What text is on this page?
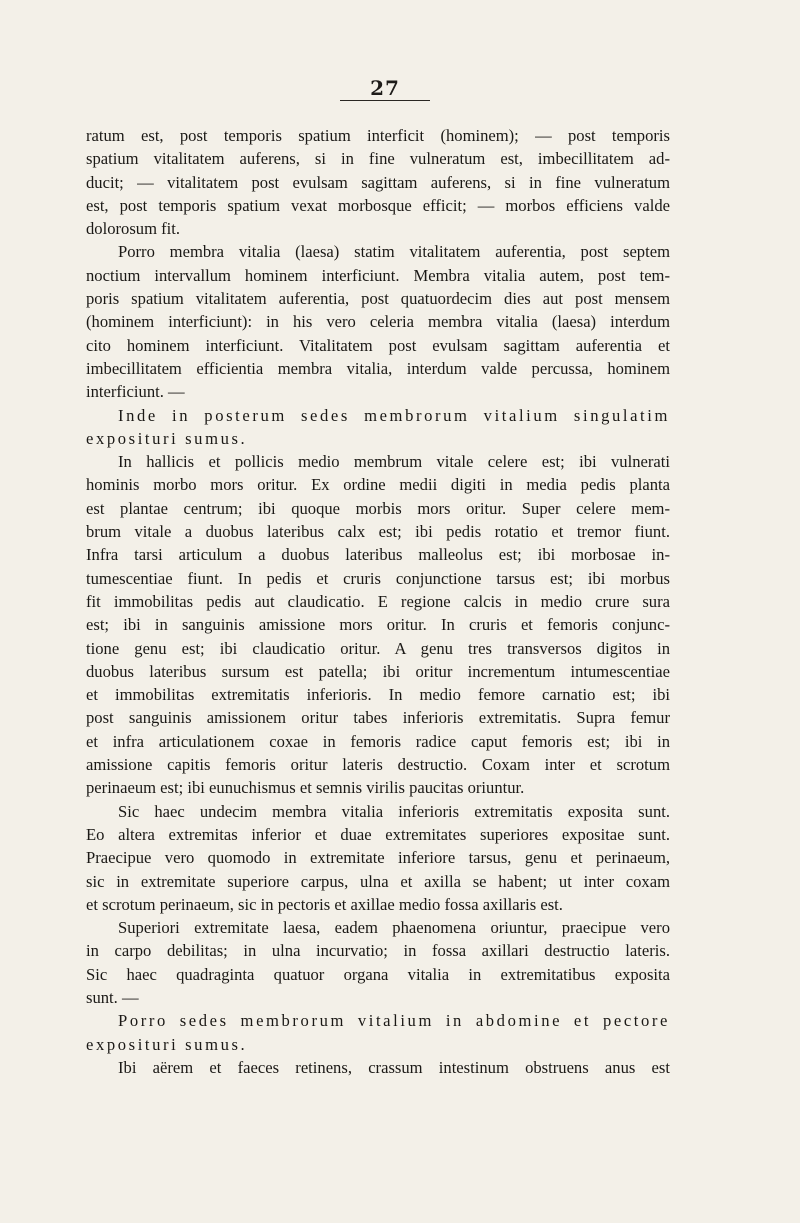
27
ratum est, post temporis spatium interficit (hominem); — post temporis
spatium vitalitatem auferens, si in fine vulneratum est, imbecillitatem ad-
ducit; — vitalitatem post evulsam sagittam auferens, si in fine vulneratum
est, post temporis spatium vexat morbosque efficit; — morbos efficiens valde
dolorosum fit.
Porro membra vitalia (laesa) statim vitalitatem auferentia, post septem
noctium intervallum hominem interficiunt. Membra vitalia autem, post tem-
poris spatium vitalitatem auferentia, post quatuordecim dies aut post mensem
(hominem interficiunt): in his vero celeria membra vitalia (laesa) interdum
cito hominem interficiunt. Vitalitatem post evulsam sagittam auferentia et
imbecillitatem efficientia membra vitalia, interdum valde percussa, hominem
interficiunt. —
Inde in posterum sedes membrorum vitalium singulatim
expositurі sumus.
In hallicis et pollicis medio membrum vitale celere est; ibi vulnerati
hominis morbo mors oritur. Ex ordine medii digiti in media pedis planta
est plantae centrum; ibi quoque morbis mors oritur. Super celere mem-
brum vitale a duobus lateribus calx est; ibi pedis rotatio et tremor fiunt.
Infra tarsi articulum a duobus lateribus malleolus est; ibi morbosae in-
tumescentiae fiunt. In pedis et cruris conjunctione tarsus est; ibi morbus
fit immobilitas pedis aut claudicatio. E regione calcis in medio crure sura
est; ibi in sanguinis amissione mors oritur. In cruris et femoris conjunc-
tione genu est; ibi claudicatio oritur. A genu tres transversos digitos in
duobus lateribus sursum est patella; ibi oritur incrementum intumescentiae
et immobilitas extremitatis inferioris. In medio femore carnatio est; ibi
post sanguinis amissionem oritur tabes inferioris extremitatis. Supra femur
et infra articulationem coxae in femoris radice caput femoris est; ibi in
amissione capitis femoris oritur lateris destructio. Coxam inter et scrotum
perinaeum est; ibi eunuchismus et semnis virilis paucitas oriuntur.
Sic haec undecim membra vitalia inferioris extremitatis exposita sunt.
Eo altera extremitas inferior et duae extremitates superiores expositae sunt.
Praecipue vero quomodo in extremitate inferiore tarsus, genu et perinaeum,
sic in extremitate superiore carpus, ulna et axilla se habent; ut inter coxam
et scrotum perinaeum, sic in pectoris et axillae medio fossa axillaris est.
Superiori extremitate laesa, eadem phaenomena oriuntur, praecipue vero
in carpo debilitas; in ulna incurvatio; in fossa axillari destructio lateris.
Sic haec quadraginta quatuor organa vitalia in extremitatibus exposita
sunt. —
Porro sedes membrorum vitalium in abdomine et pectore
expositurі sumus.
Ibi aërem et faeces retinens, crassum intestinum obstruens anus est
